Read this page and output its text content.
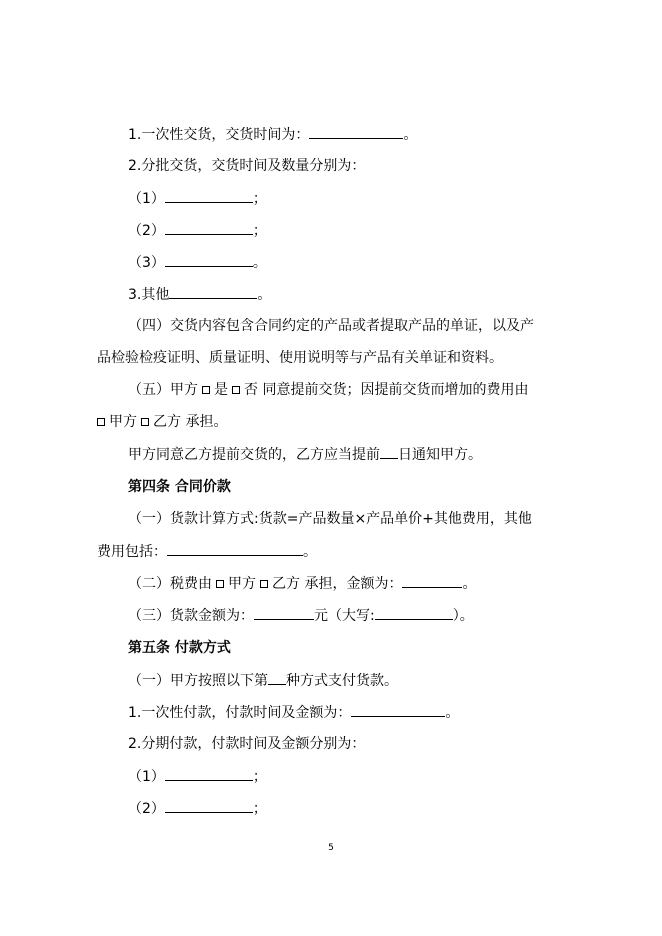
1.一次性交货，交货时间为：	。
2.分批交货，交货时间及数量分别为：
（1）	；
（2）	；
（3）	。
3.其他	。
（四）交货内容包含合同约定的产品或者提取产品的单证，以及产
品检验检疫证明、质量证明、使用说明等与产品有关单证和资料。
（五）甲方 是 否 同意提前交货；因提前交货而增加的费用由
甲方 乙方 承担。
甲方同意乙方提前交货的，乙方应当提前 日通知甲方。
第四条 合同价款
（一）货款计算方式:货款=产品数量×产品单价+其他费用，其他
费用包括：	。
（二）税费由 甲方 乙方 承担，金额为：	。
（三）货款金额为：	元（大写:	）。
第五条 付款方式
（一）甲方按照以下第 种方式支付货款。
1.一次性付款，付款时间及金额为：	。
2.分期付款，付款时间及金额分别为：
（1）	；
（2）	；
5
